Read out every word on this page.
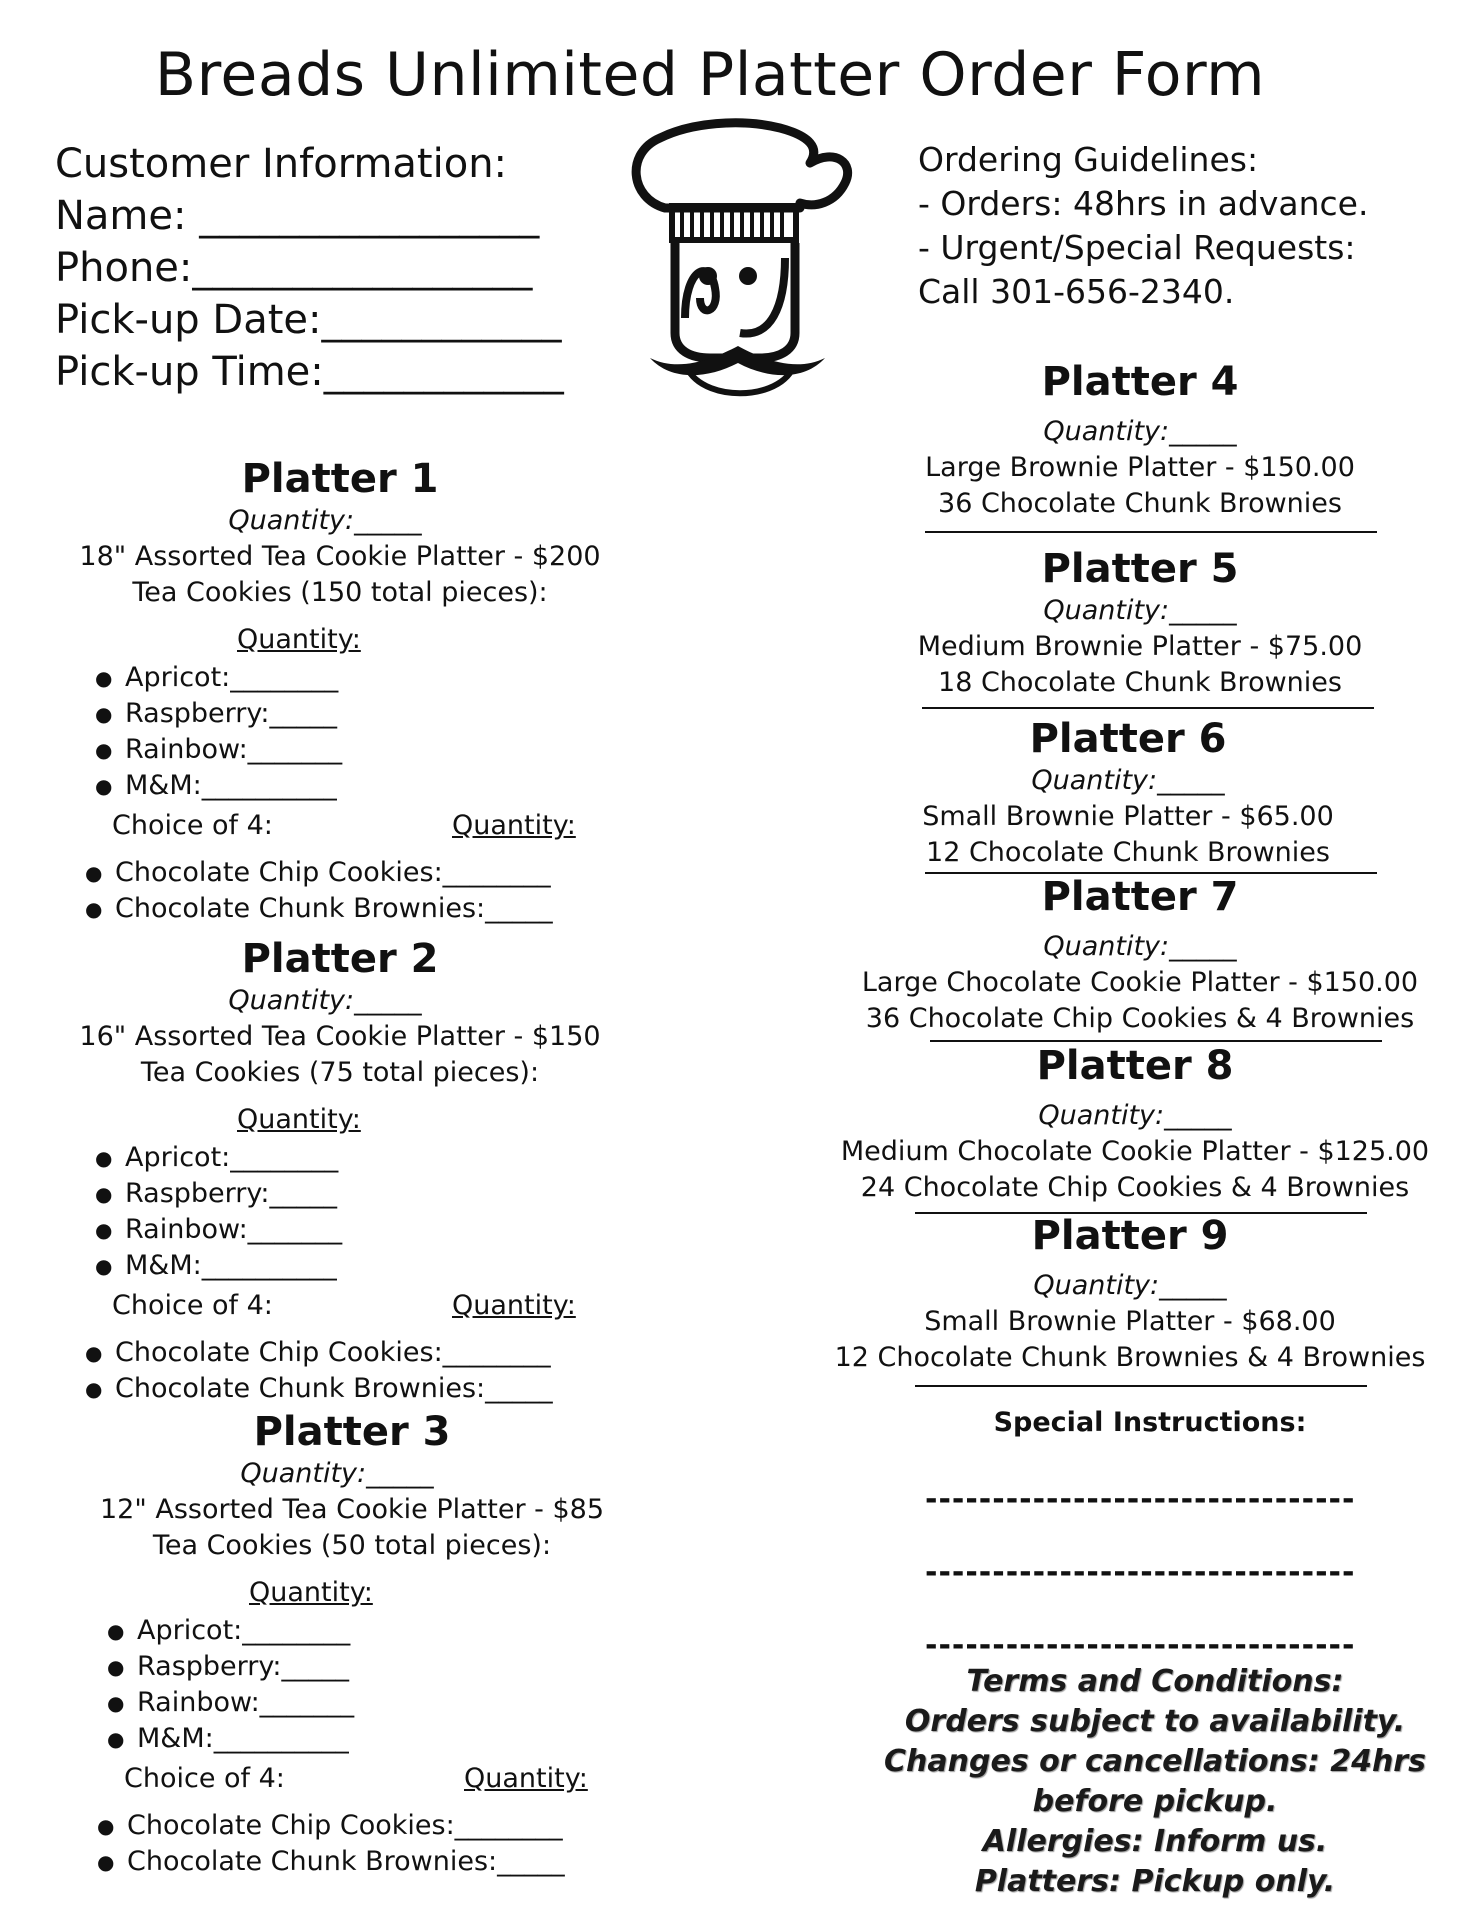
Breads Unlimited Platter Order Form
Customer Information:
Name: _________________
Phone:_________________
Pick-up Date:____________
Pick-up Time:____________
Ordering Guidelines:
- Orders: 48hrs in advance.
- Urgent/Special Requests:
Call 301-656-2340.
Platter 1
Quantity:_____
18" Assorted Tea Cookie Platter - $200
Tea Cookies (150 total pieces):
Quantity:
● Apricot:________
● Raspberry:_____
● Rainbow:_______
● M&M:__________
Choice of 4:	Quantity:
● Chocolate Chip Cookies:________
● Chocolate Chunk Brownies:_____
Platter 2
Quantity:_____
16" Assorted Tea Cookie Platter - $150
Tea Cookies (75 total pieces):
Quantity:
● Apricot:________
● Raspberry:_____
● Rainbow:_______
● M&M:__________
Choice of 4:	Quantity:
● Chocolate Chip Cookies:________
● Chocolate Chunk Brownies:_____
Platter 3
Quantity:_____
12" Assorted Tea Cookie Platter - $85
Tea Cookies (50 total pieces):
Quantity:
● Apricot:________
● Raspberry:_____
● Rainbow:_______
● M&M:__________
Choice of 4:	Quantity:
● Chocolate Chip Cookies:________
● Chocolate Chunk Brownies:_____
Platter 4
Quantity:_____
Large Brownie Platter - $150.00
36 Chocolate Chunk Brownies
Platter 5
Quantity:_____
Medium Brownie Platter - $75.00
18 Chocolate Chunk Brownies
Platter 6
Quantity:_____
Small Brownie Platter - $65.00
12 Chocolate Chunk Brownies
Platter 7
Quantity:_____
Large Chocolate Cookie Platter - $150.00
36 Chocolate Chip Cookies & 4 Brownies
Platter 8
Quantity:_____
Medium Chocolate Cookie Platter - $125.00
24 Chocolate Chip Cookies & 4 Brownies
Platter 9
Quantity:_____
Small Brownie Platter - $68.00
12 Chocolate Chunk Brownies & 4 Brownies
Special Instructions:
--------------------------------
--------------------------------
--------------------------------
Terms and Conditions:
Orders subject to availability.
Changes or cancellations: 24hrs
before pickup.
Allergies: Inform us.
Platters: Pickup only.
